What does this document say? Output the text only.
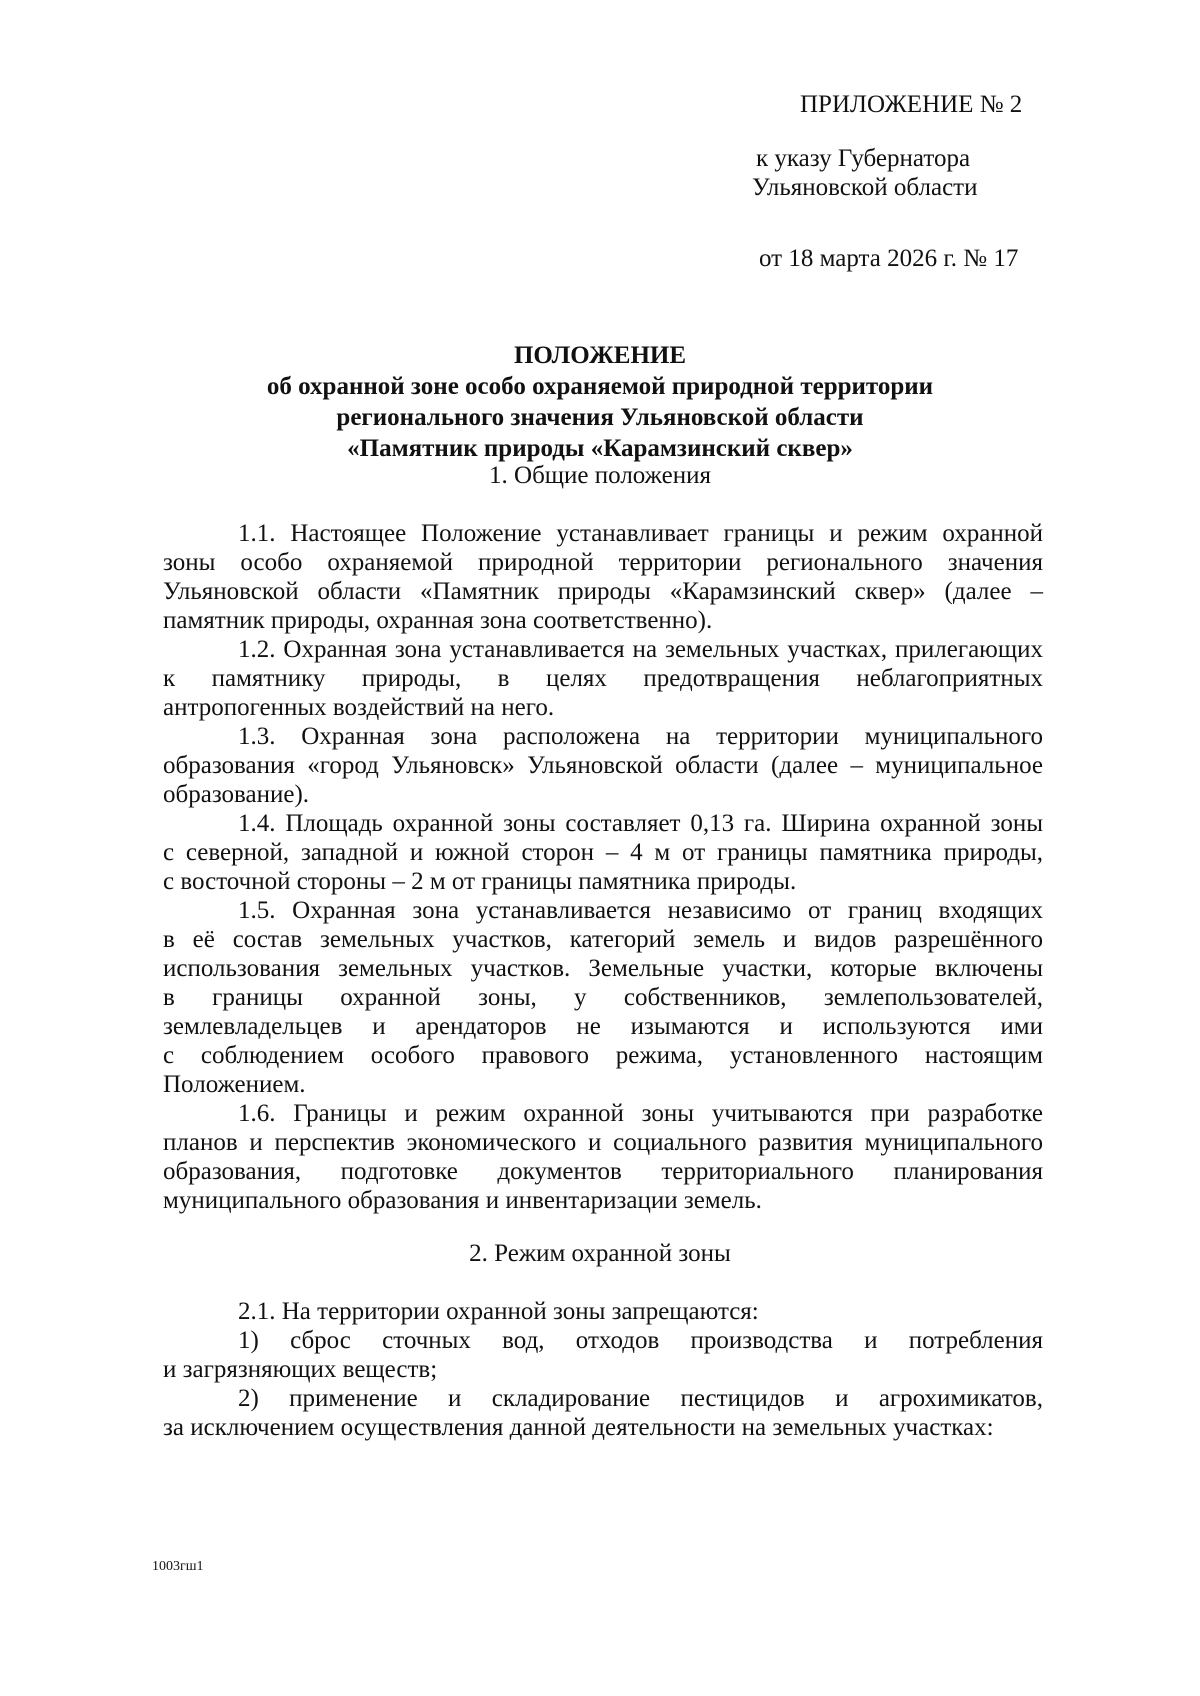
ПРИЛОЖЕНИЕ № 2
к указу Губернатора
Ульяновской области
от 18 марта 2026 г. № 17
ПОЛОЖЕНИЕ
об охранной зоне особо охраняемой природной территории
регионального значения Ульяновской области
«Памятник природы «Карамзинский сквер»
1. Общие положения
1.1. Настоящее Положение устанавливает границы и режим охранной
зоны особо охраняемой природной территории регионального значения
Ульяновской области «Памятник природы «Карамзинский сквер» (далее –
памятник природы, охранная зона соответственно).
1.2. Охранная зона устанавливается на земельных участках, прилегающих
к памятнику природы, в целях предотвращения неблагоприятных
антропогенных воздействий на него.
1.3. Охранная зона расположена на территории муниципального
образования «город Ульяновск» Ульяновской области (далее – муниципальное
образование).
1.4. Площадь охранной зоны составляет 0,13 га. Ширина охранной зоны
с северной, западной и южной сторон – 4 м от границы памятника природы,
с восточной стороны – 2 м от границы памятника природы.
1.5. Охранная зона устанавливается независимо от границ входящих
в её состав земельных участков, категорий земель и видов разрешённого
использования земельных участков. Земельные участки, которые включены
в границы охранной зоны, у собственников, землепользователей,
землевладельцев и арендаторов не изымаются и используются ими
с соблюдением особого правового режима, установленного настоящим
Положением.
1.6. Границы и режим охранной зоны учитываются при разработке
планов и перспектив экономического и социального развития муниципального
образования, подготовке документов территориального планирования
муниципального образования и инвентаризации земель.
2. Режим охранной зоны
2.1. На территории охранной зоны запрещаются:
1) сброс сточных вод, отходов производства и потребления
и загрязняющих веществ;
2) применение и складирование пестицидов и агрохимикатов,
за исключением осуществления данной деятельности на земельных участках:
1003гш1
